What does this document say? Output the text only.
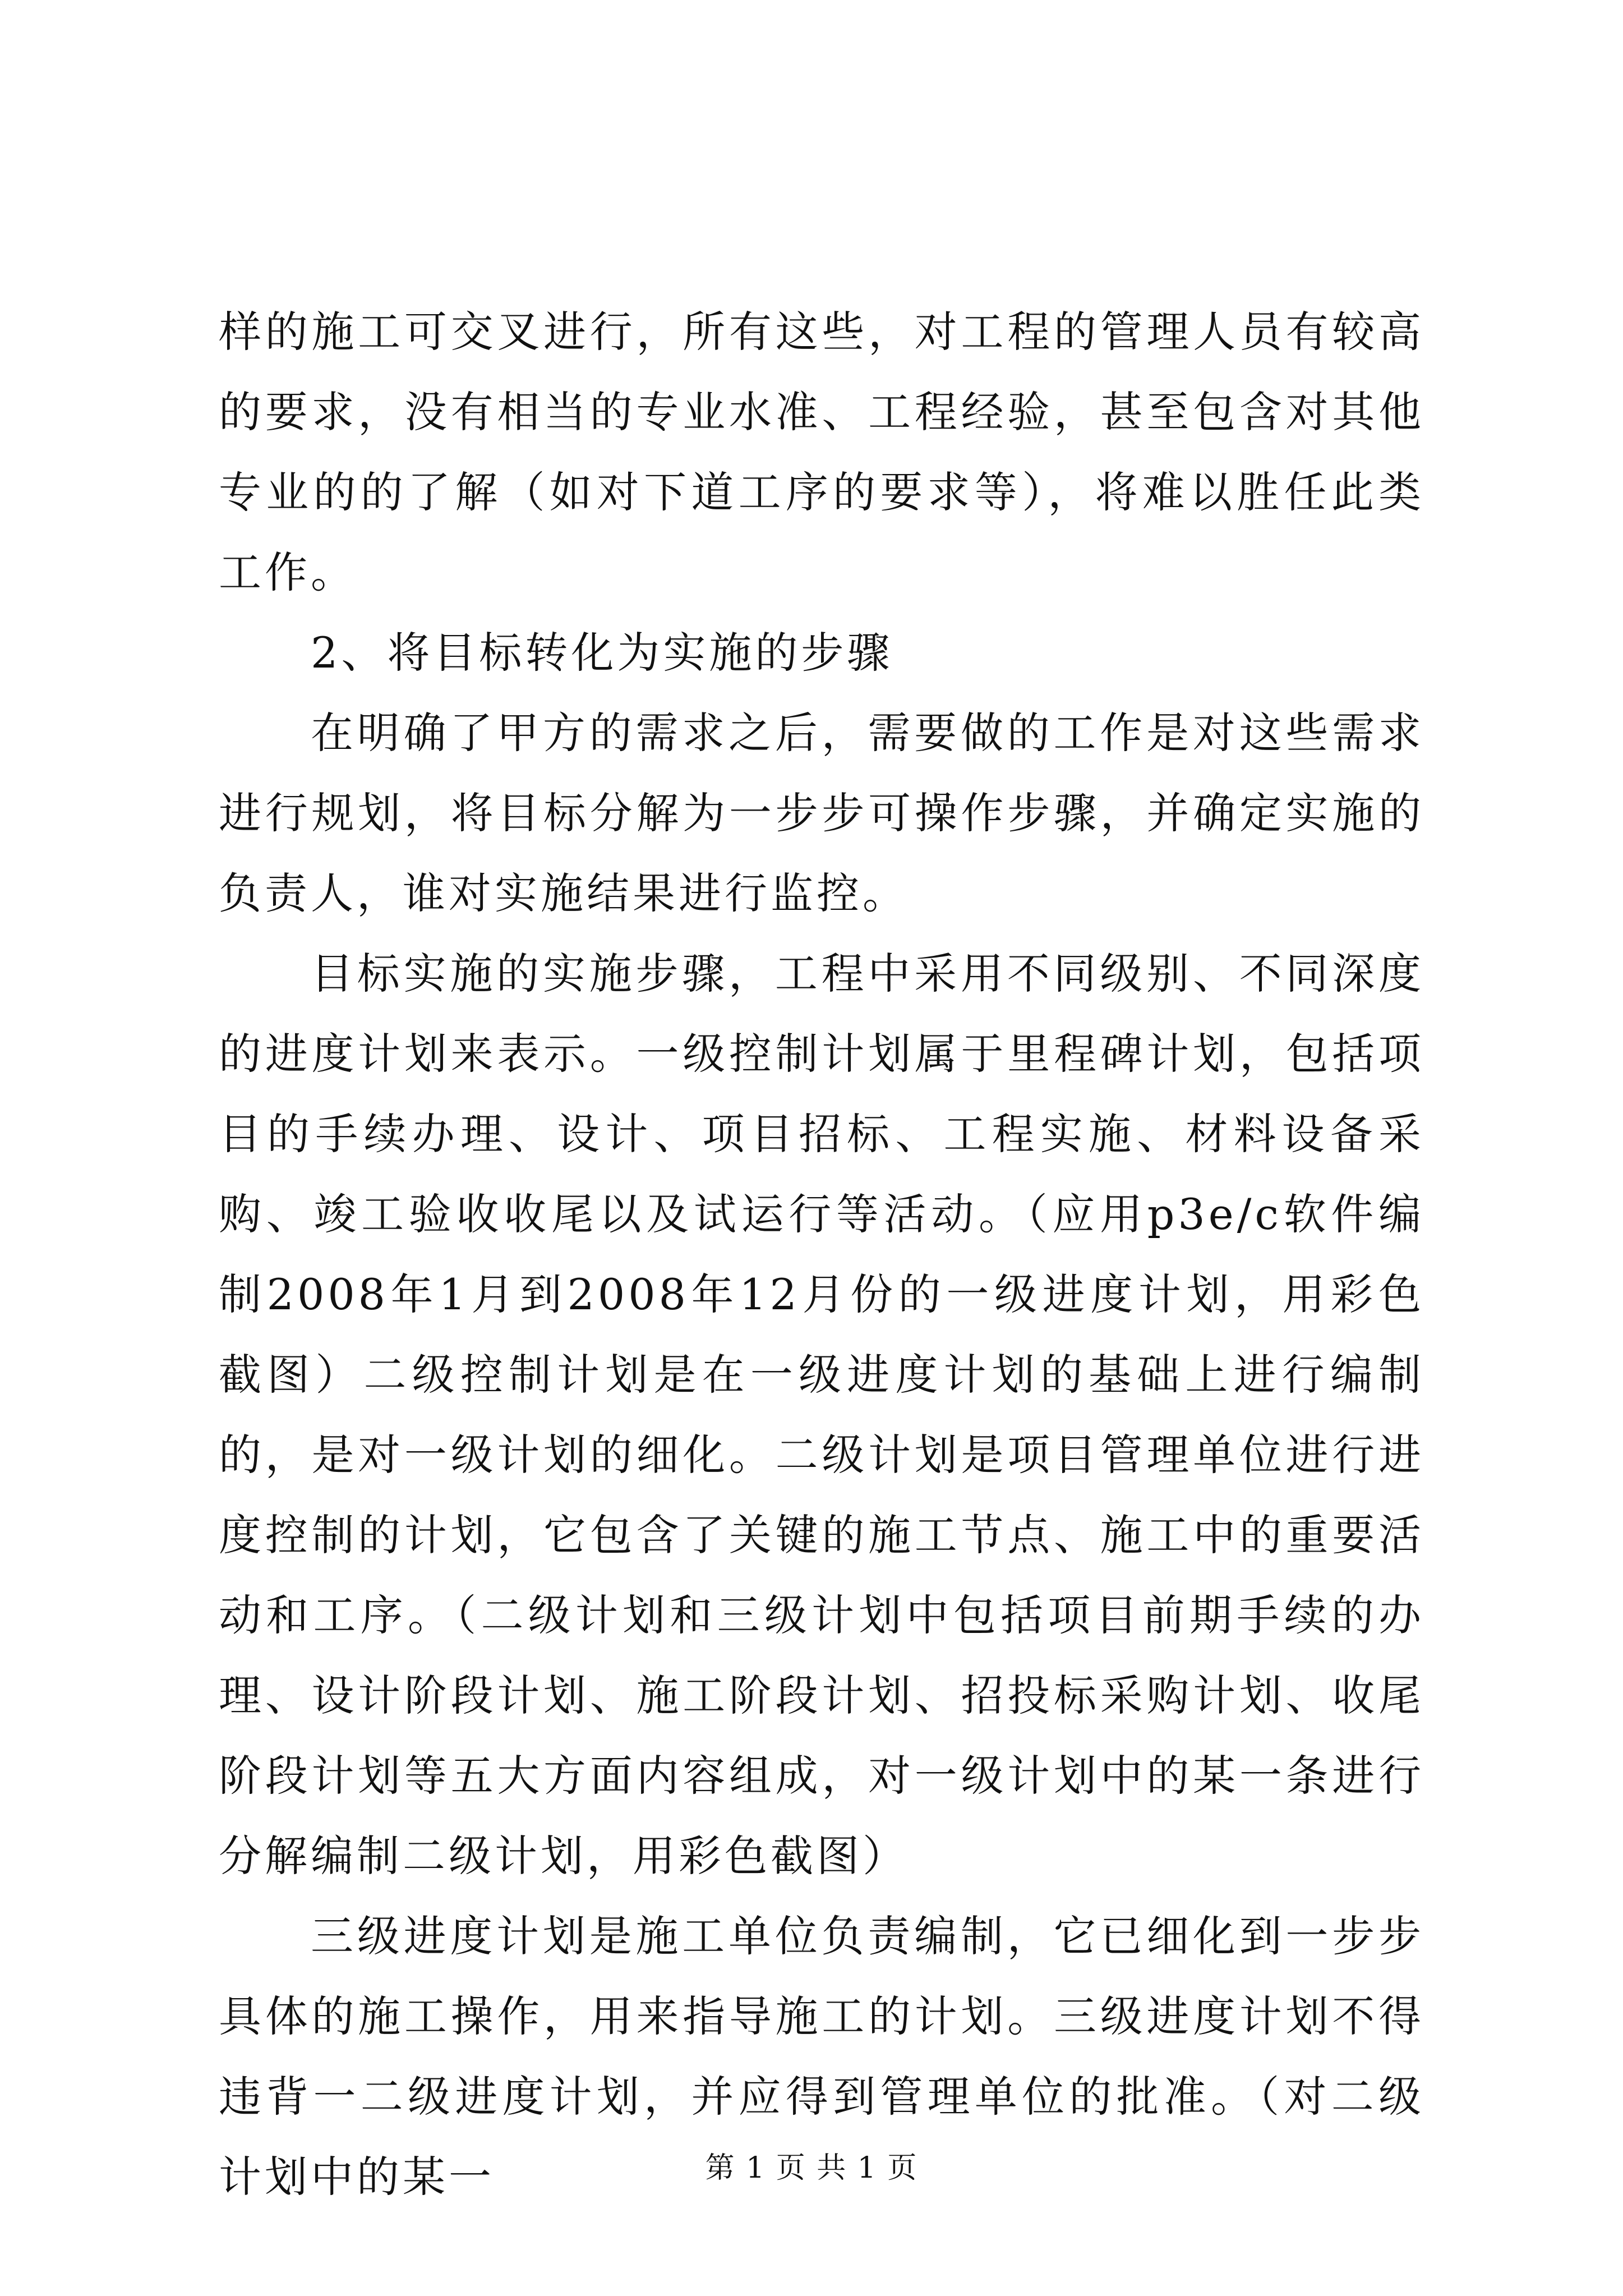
样的施工可交叉进行，所有这些，对工程的管理人员有较高的要求，没有相当的专业水准、工程经验，甚至包含对其他专业的的了解（如对下道工序的要求等），将难以胜任此类工作。

2、将目标转化为实施的步骤

在明确了甲方的需求之后，需要做的工作是对这些需求进行规划，将目标分解为一步步可操作步骤，并确定实施的负责人，谁对实施结果进行监控。

目标实施的实施步骤，工程中采用不同级别、不同深度的进度计划来表示。一级控制计划属于里程碑计划，包括项目的手续办理、设计、项目招标、工程实施、材料设备采购、竣工验收收尾以及试运行等活动。（应用p3e/c软件编制2008年1月到2008年12月份的一级进度计划，用彩色截图）二级控制计划是在一级进度计划的基础上进行编制的，是对一级计划的细化。二级计划是项目管理单位进行进度控制的计划，它包含了关键的施工节点、施工中的重要活动和工序。（二级计划和三级计划中包括项目前期手续的办理、设计阶段计划、施工阶段计划、招投标采购计划、收尾阶段计划等五大方面内容组成，对一级计划中的某一条进行分解编制二级计划，用彩色截图）

三级进度计划是施工单位负责编制，它已细化到一步步具体的施工操作，用来指导施工的计划。三级进度计划不得违背一二级进度计划，并应得到管理单位的批准。（对二级计划中的某一	第 1 页 共 1 页
